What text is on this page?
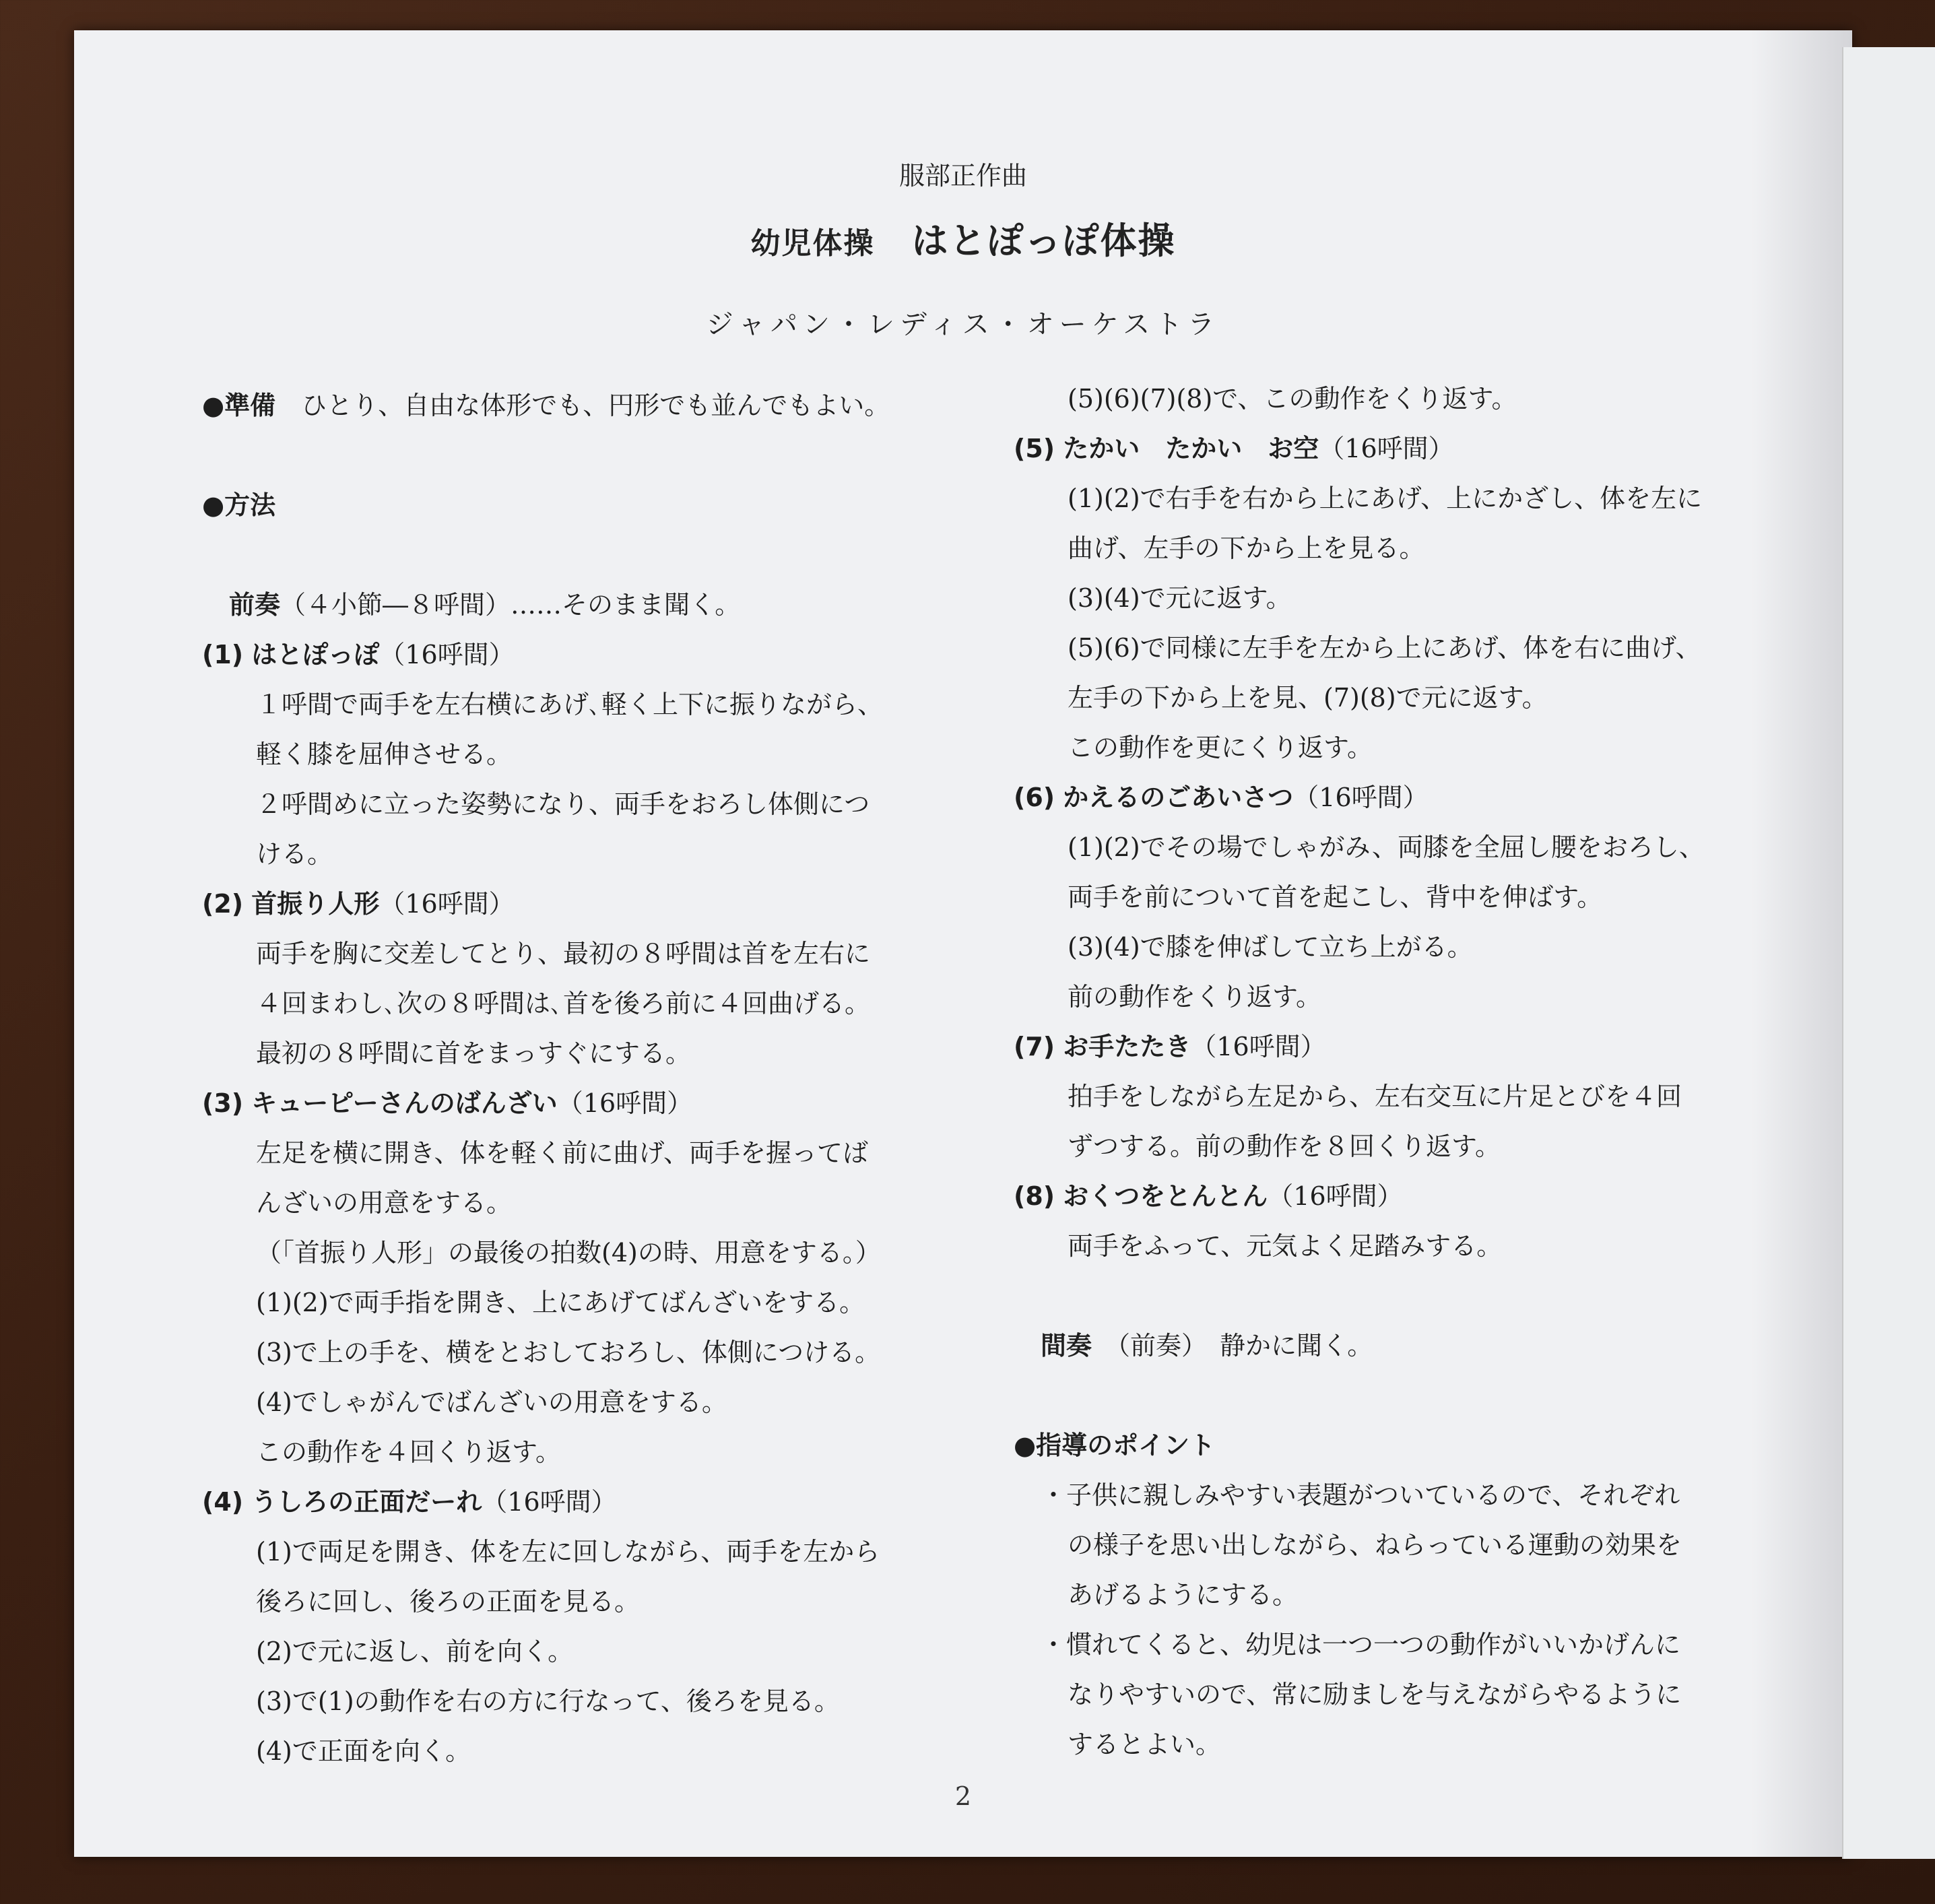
服部正作曲
幼児体操 はとぽっぽ体操
ジャパン・レディス・オーケストラ
●準備　 ひとり、自由な体形でも、円形でも並んでもよい。
●方法
前奏（４小節―８呼間）……そのまま聞く。
(1) はとぽっぽ（16呼間）
１呼間で両手を左右横にあげ､軽く上下に振りながら、
軽く膝を屈伸させる。
２呼間めに立った姿勢になり、両手をおろし体側につ
ける。
(2) 首振り人形（16呼間）
両手を胸に交差してとり、最初の８呼間は首を左右に
４回まわし､次の８呼間は､首を後ろ前に４回曲げる｡
最初の８呼間に首をまっすぐにする。
(3) キューピーさんのばんざい（16呼間）
左足を横に開き、体を軽く前に曲げ、両手を握ってば
んざいの用意をする。
（「首振り人形」の最後の拍数(4)の時、用意をする｡）
(1)(2)で両手指を開き、上にあげてばんざいをする。
(3)で上の手を、横をとおしておろし、体側につける。
(4)でしゃがんでばんざいの用意をする。
この動作を４回くり返す。
(4) うしろの正面だーれ（16呼間）
(1)で両足を開き、体を左に回しながら、両手を左から
後ろに回し、後ろの正面を見る。
(2)で元に返し、前を向く。
(3)で(1)の動作を右の方に行なって、後ろを見る。
(4)で正面を向く。
(5)(6)(7)(8)で、この動作をくり返す。
(5) たかい　たかい　お空（16呼間）
(1)(2)で右手を右から上にあげ、上にかざし、体を左に
曲げ、左手の下から上を見る。
(3)(4)で元に返す。
(5)(6)で同様に左手を左から上にあげ、体を右に曲げ、
左手の下から上を見、(7)(8)で元に返す。
この動作を更にくり返す。
(6) かえるのごあいさつ（16呼間）
(1)(2)でその場でしゃがみ、両膝を全屈し腰をおろし、
両手を前について首を起こし、背中を伸ばす。
(3)(4)で膝を伸ばして立ち上がる。
前の動作をくり返す。
(7) お手たたき（16呼間）
拍手をしながら左足から、左右交互に片足とびを４回
ずつする。前の動作を８回くり返す。
(8) おくつをとんとん（16呼間）
両手をふって、元気よく足踏みする。
間奏　 （前奏）　静かに聞く。
●指導のポイント
・子供に親しみやすい表題がついているので、それぞれ
の様子を思い出しながら、ねらっている運動の効果を
あげるようにする。
・慣れてくると、幼児は一つ一つの動作がいいかげんに
なりやすいので、常に励ましを与えながらやるように
するとよい。
2
